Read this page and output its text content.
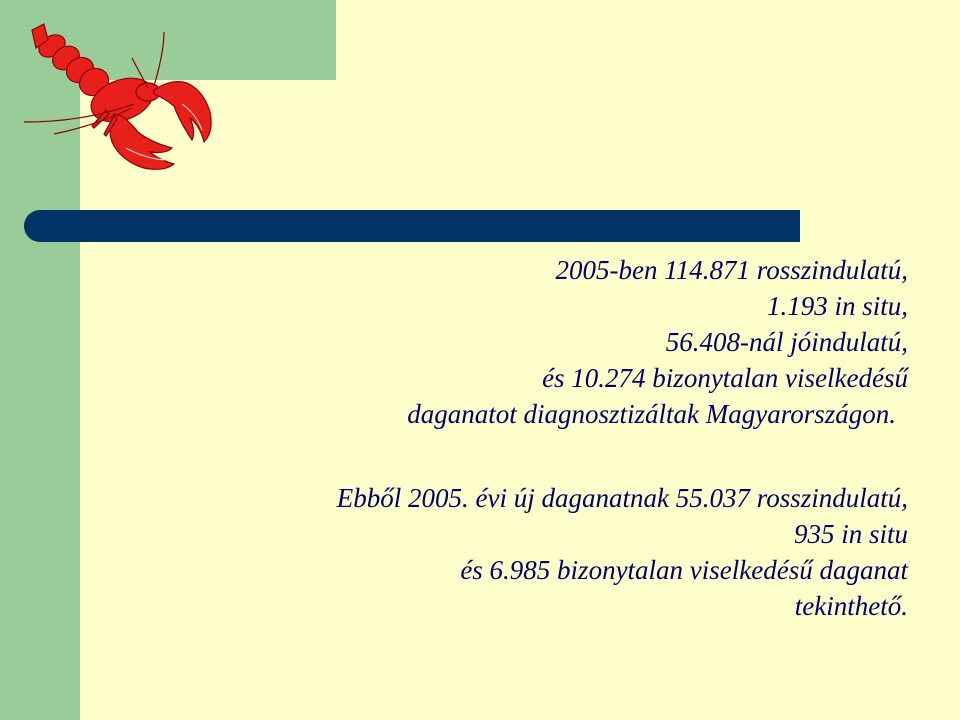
2005-ben 114.871 rosszindulatú,
1.193 in situ,
56.408-nál jóindulatú,
és 10.274 bizonytalan viselkedésű
daganatot diagnosztizáltak Magyarországon.
Ebből 2005. évi új daganatnak 55.037 rosszindulatú,
935 in situ
és 6.985 bizonytalan viselkedésű daganat
tekinthető.
